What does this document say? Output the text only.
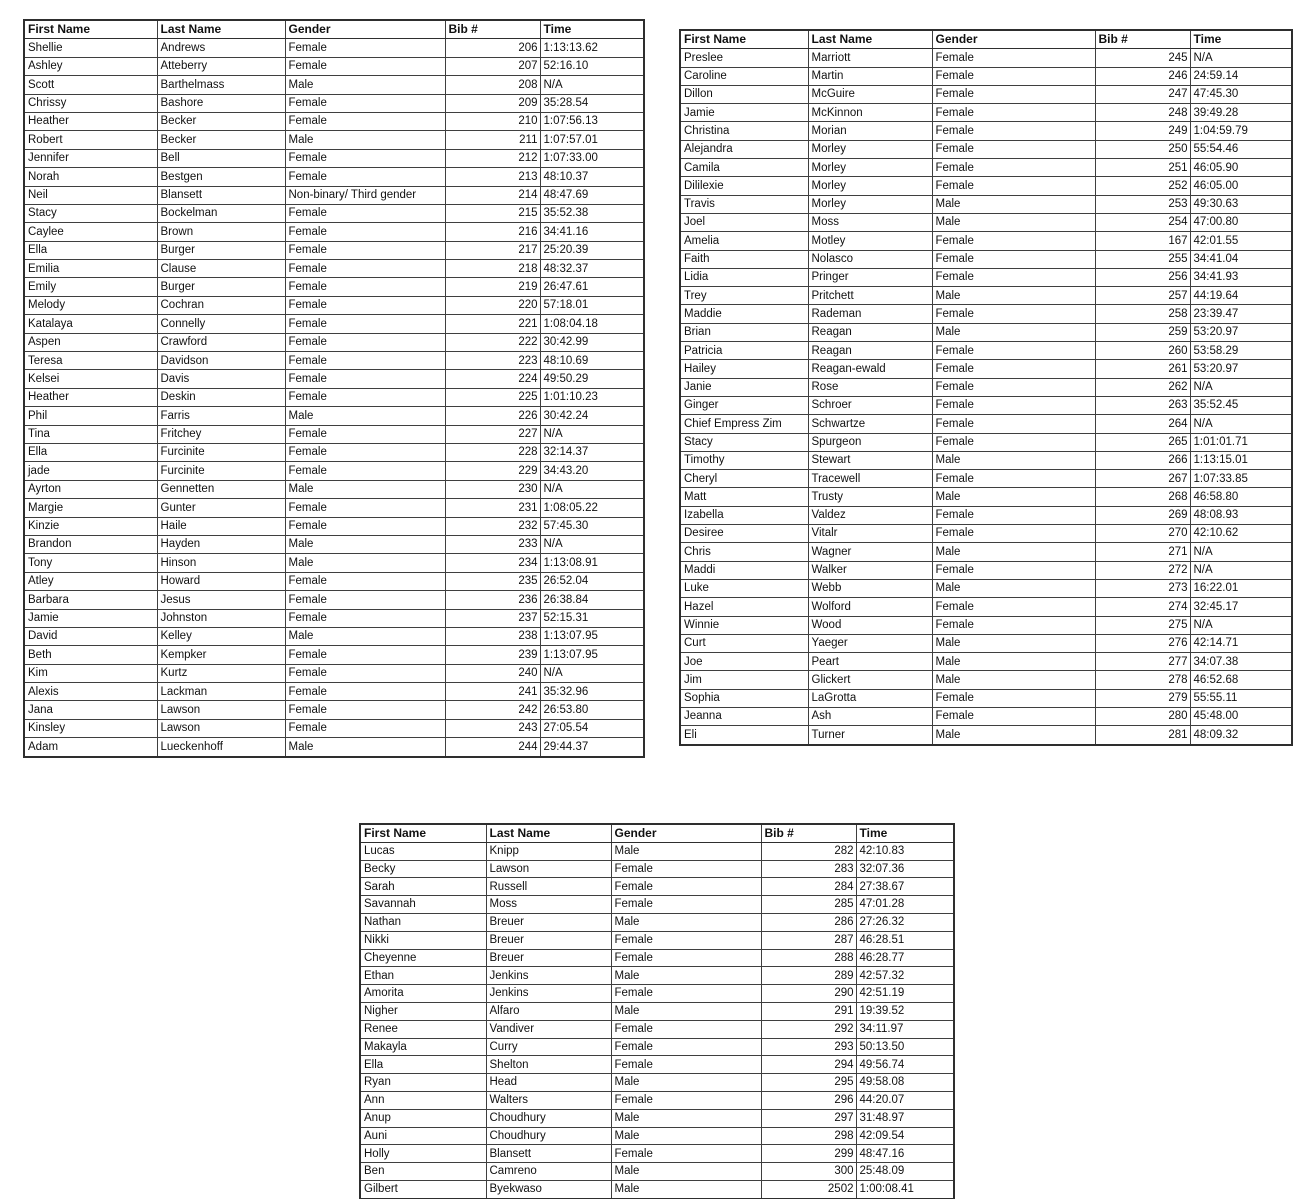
First Name	Last Name	Gender	Bib #	Time
Shellie	Andrews	Female	206	1:13:13.62
Ashley	Atteberry	Female	207	52:16.10
Scott	Barthelmass	Male	208	N/A
Chrissy	Bashore	Female	209	35:28.54
Heather	Becker	Female	210	1:07:56.13
Robert	Becker	Male	211	1:07:57.01
Jennifer	Bell	Female	212	1:07:33.00
Norah	Bestgen	Female	213	48:10.37
Neil	Blansett	Non-binary/ Third gender	214	48:47.69
Stacy	Bockelman	Female	215	35:52.38
Caylee	Brown	Female	216	34:41.16
Ella	Burger	Female	217	25:20.39
Emilia	Clause	Female	218	48:32.37
Emily	Burger	Female	219	26:47.61
Melody	Cochran	Female	220	57:18.01
Katalaya	Connelly	Female	221	1:08:04.18
Aspen	Crawford	Female	222	30:42.99
Teresa	Davidson	Female	223	48:10.69
Kelsei	Davis	Female	224	49:50.29
Heather	Deskin	Female	225	1:01:10.23
Phil	Farris	Male	226	30:42.24
Tina	Fritchey	Female	227	N/A
Ella	Furcinite	Female	228	32:14.37
jade	Furcinite	Female	229	34:43.20
Ayrton	Gennetten	Male	230	N/A
Margie	Gunter	Female	231	1:08:05.22
Kinzie	Haile	Female	232	57:45.30
Brandon	Hayden	Male	233	N/A
Tony	Hinson	Male	234	1:13:08.91
Atley	Howard	Female	235	26:52.04
Barbara	Jesus	Female	236	26:38.84
Jamie	Johnston	Female	237	52:15.31
David	Kelley	Male	238	1:13:07.95
Beth	Kempker	Female	239	1:13:07.95
Kim	Kurtz	Female	240	N/A
Alexis	Lackman	Female	241	35:32.96
Jana	Lawson	Female	242	26:53.80
Kinsley	Lawson	Female	243	27:05.54
Adam	Lueckenhoff	Male	244	29:44.37
First Name	Last Name	Gender	Bib #	Time
Preslee	Marriott	Female	245	N/A
Caroline	Martin	Female	246	24:59.14
Dillon	McGuire	Female	247	47:45.30
Jamie	McKinnon	Female	248	39:49.28
Christina	Morian	Female	249	1:04:59.79
Alejandra	Morley	Female	250	55:54.46
Camila	Morley	Female	251	46:05.90
Dililexie	Morley	Female	252	46:05.00
Travis	Morley	Male	253	49:30.63
Joel	Moss	Male	254	47:00.80
Amelia	Motley	Female	167	42:01.55
Faith	Nolasco	Female	255	34:41.04
Lidia	Pringer	Female	256	34:41.93
Trey	Pritchett	Male	257	44:19.64
Maddie	Rademan	Female	258	23:39.47
Brian	Reagan	Male	259	53:20.97
Patricia	Reagan	Female	260	53:58.29
Hailey	Reagan-ewald	Female	261	53:20.97
Janie	Rose	Female	262	N/A
Ginger	Schroer	Female	263	35:52.45
Chief Empress Zim	Schwartze	Female	264	N/A
Stacy	Spurgeon	Female	265	1:01:01.71
Timothy	Stewart	Male	266	1:13:15.01
Cheryl	Tracewell	Female	267	1:07:33.85
Matt	Trusty	Male	268	46:58.80
Izabella	Valdez	Female	269	48:08.93
Desiree	Vitalr	Female	270	42:10.62
Chris	Wagner	Male	271	N/A
Maddi	Walker	Female	272	N/A
Luke	Webb	Male	273	16:22.01
Hazel	Wolford	Female	274	32:45.17
Winnie	Wood	Female	275	N/A
Curt	Yaeger	Male	276	42:14.71
Joe	Peart	Male	277	34:07.38
Jim	Glickert	Male	278	46:52.68
Sophia	LaGrotta	Female	279	55:55.11
Jeanna	Ash	Female	280	45:48.00
Eli	Turner	Male	281	48:09.32
First Name	Last Name	Gender	Bib #	Time
Lucas	Knipp	Male	282	42:10.83
Becky	Lawson	Female	283	32:07.36
Sarah	Russell	Female	284	27:38.67
Savannah	Moss	Female	285	47:01.28
Nathan	Breuer	Male	286	27:26.32
Nikki	Breuer	Female	287	46:28.51
Cheyenne	Breuer	Female	288	46:28.77
Ethan	Jenkins	Male	289	42:57.32
Amorita	Jenkins	Female	290	42:51.19
Nigher	Alfaro	Male	291	19:39.52
Renee	Vandiver	Female	292	34:11.97
Makayla	Curry	Female	293	50:13.50
Ella	Shelton	Female	294	49:56.74
Ryan	Head	Male	295	49:58.08
Ann	Walters	Female	296	44:20.07
Anup	Choudhury	Male	297	31:48.97
Auni	Choudhury	Male	298	42:09.54
Holly	Blansett	Female	299	48:47.16
Ben	Camreno	Male	300	25:48.09
Gilbert	Byekwaso	Male	2502	1:00:08.41
